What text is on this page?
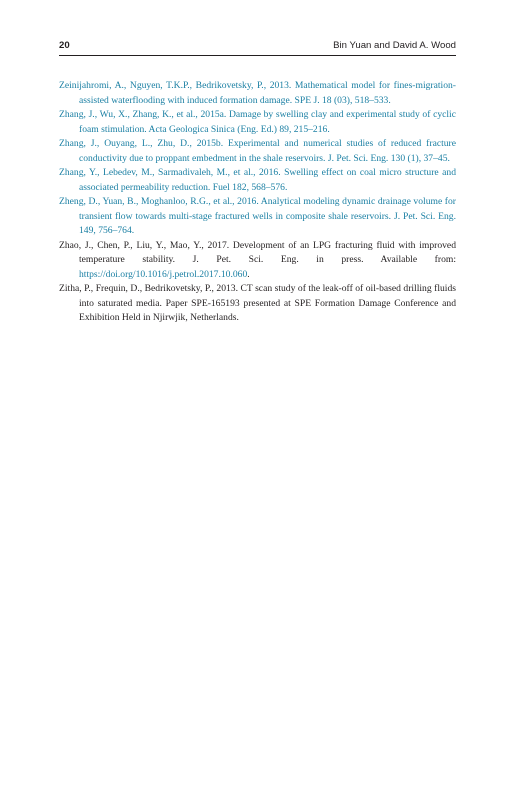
20	Bin Yuan and David A. Wood
Zeinijahromi, A., Nguyen, T.K.P., Bedrikovetsky, P., 2013. Mathematical model for fines-migration-assisted waterflooding with induced formation damage. SPE J. 18 (03), 518–533.
Zhang, J., Wu, X., Zhang, K., et al., 2015a. Damage by swelling clay and experimental study of cyclic foam stimulation. Acta Geologica Sinica (Eng. Ed.) 89, 215–216.
Zhang, J., Ouyang, L., Zhu, D., 2015b. Experimental and numerical studies of reduced fracture conductivity due to proppant embedment in the shale reservoirs. J. Pet. Sci. Eng. 130 (1), 37–45.
Zhang, Y., Lebedev, M., Sarmadivaleh, M., et al., 2016. Swelling effect on coal micro structure and associated permeability reduction. Fuel 182, 568–576.
Zheng, D., Yuan, B., Moghanloo, R.G., et al., 2016. Analytical modeling dynamic drainage volume for transient flow towards multi-stage fractured wells in composite shale reservoirs. J. Pet. Sci. Eng. 149, 756–764.
Zhao, J., Chen, P., Liu, Y., Mao, Y., 2017. Development of an LPG fracturing fluid with improved temperature stability. J. Pet. Sci. Eng. in press. Available from: https://doi.org/10.1016/j.petrol.2017.10.060.
Zitha, P., Frequin, D., Bedrikovetsky, P., 2013. CT scan study of the leak-off of oil-based drilling fluids into saturated media. Paper SPE-165193 presented at SPE Formation Damage Conference and Exhibition Held in Njirwjik, Netherlands.
